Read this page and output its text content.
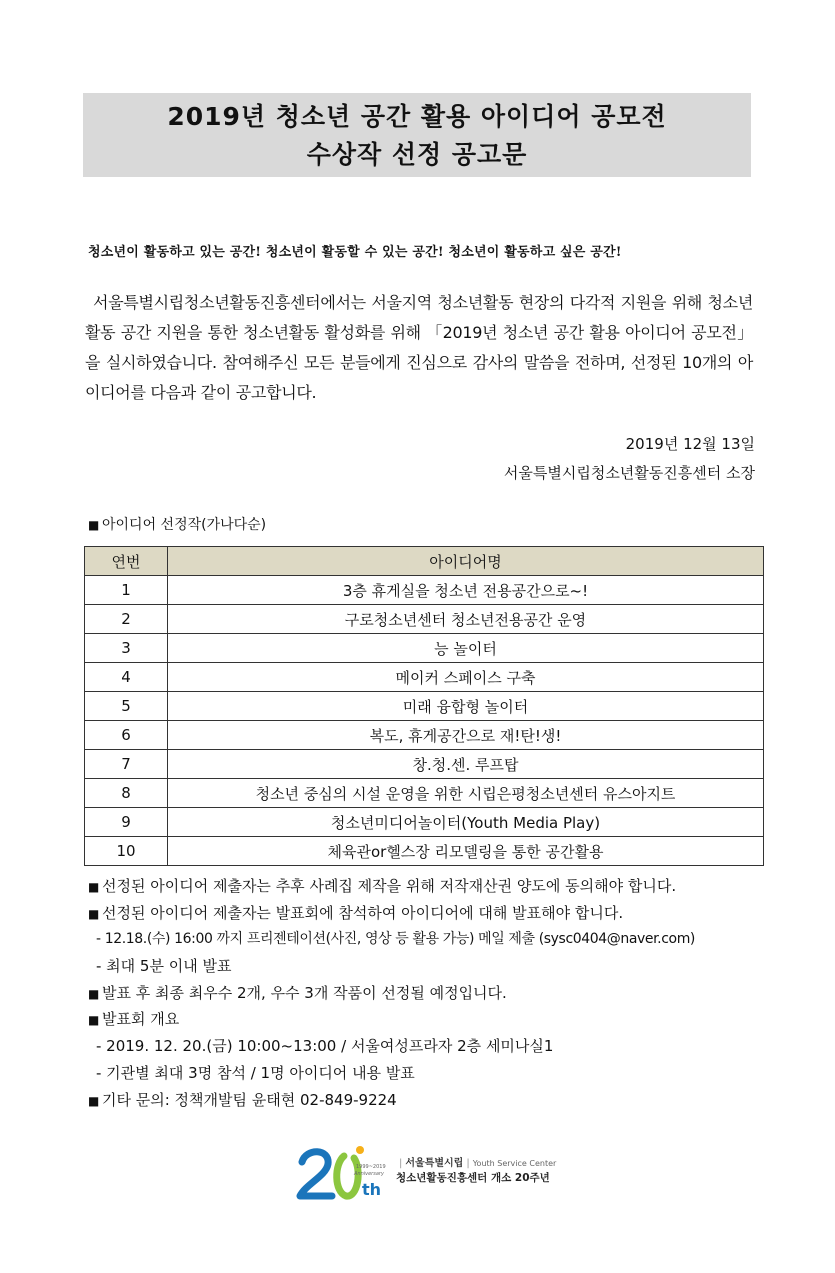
2019년 청소년 공간 활용 아이디어 공모전
수상작 선정 공고문
청소년이 활동하고 있는 공간! 청소년이 활동할 수 있는 공간! 청소년이 활동하고 싶은 공간!
서울특별시립청소년활동진흥센터에서는 서울지역 청소년활동 현장의 다각적 지원을 위해 청소년활동 공간 지원을 통한 청소년활동 활성화를 위해 「2019년 청소년 공간 활용 아이디어 공모전」을 실시하였습니다. 참여해주신 모든 분들에게 진심으로 감사의 말씀을 전하며, 선정된 10개의 아이디어를 다음과 같이 공고합니다.
2019년 12월 13일
서울특별시립청소년활동진흥센터 소장
■ 아이디어 선정작(가나다순)
연번	아이디어명
1	3층 휴게실을 청소년 전용공간으로~!
2	구로청소년센터 청소년전용공간 운영
3	능 놀이터
4	메이커 스페이스 구축
5	미래 융합형 놀이터
6	복도, 휴게공간으로 재!탄!생!
7	창.청.센. 루프탑
8	청소년 중심의 시설 운영을 위한 시립은평청소년센터 유스아지트
9	청소년미디어놀이터(Youth Media Play)
10	체육관or헬스장 리모델링을 통한 공간활용
■ 선정된 아이디어 제출자는 추후 사례집 제작을 위해 저작재산권 양도에 동의해야 합니다.
■ 선정된 아이디어 제출자는 발표회에 참석하여 아이디어에 대해 발표해야 합니다.
- 12.18.(수) 16:00 까지 프리젠테이션(사진, 영상 등 활용 가능) 메일 제출 (sysc0404@naver.com)
- 최대 5분 이내 발표
■ 발표 후 최종 최우수 2개, 우수 3개 작품이 선정될 예정입니다.
■ 발표회 개요
- 2019. 12. 20.(금) 10:00~13:00 / 서울여성프라자 2층 세미나실1
- 기관별 최대 3명 참석 / 1명 아이디어 내용 발표
■ 기타 문의: 정책개발팀 윤태현 02-849-9224
1999~2019
Anniversary
th
| 서울특별시립 | Youth Service Center
청소년활동진흥센터 개소 20주년
